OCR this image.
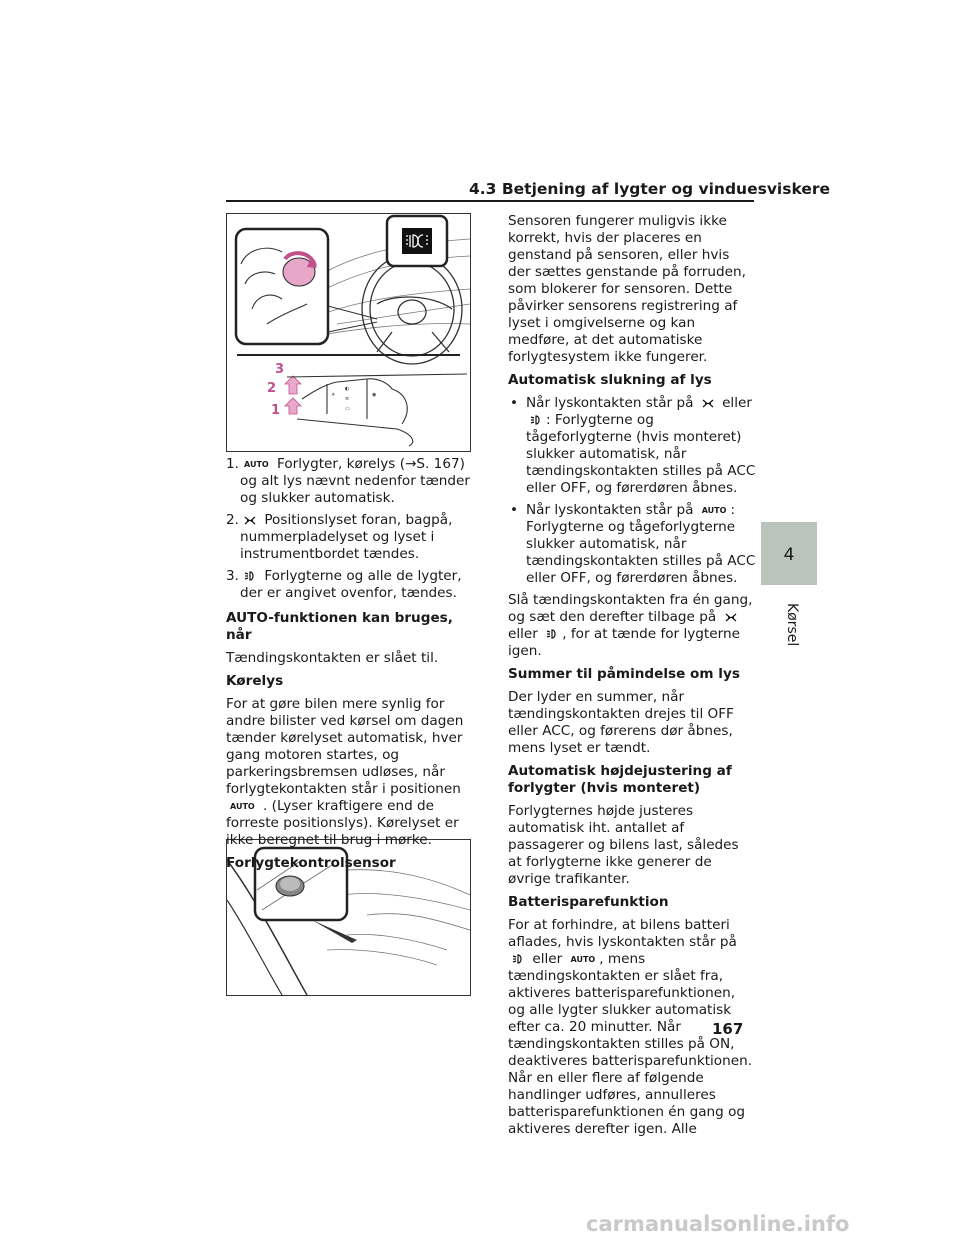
4.3 Betjening af lygter og vinduesviskere
3
2
1
☀
◐
≡
▭
◉
1. AUTO Forlygter, kørelys (→S. 167) og alt lys nævnt nedenfor tænder og slukker automatisk.
2.	Positionslyset foran, bagpå, nummerpladelyset og lyset i instrumentbordet tændes.
3.	Forlygterne og alle de lygter, der er angivet ovenfor, tændes.

AUTO-funktionen kan bruges, når

Tændingskontakten er slået til.

Kørelys

For at gøre bilen mere synlig for andre bilister ved kørsel om dagen tænder kørelyset automatisk, hver gang motoren startes, og parkeringsbremsen udløses, når forlygtekontakten står i positionen AUTO . (Lyser kraftigere end de forreste positionslys). Kørelyset er ikke beregnet til brug i mørke.

Forlygtekontrolsensor

Sensoren fungerer muligvis ikke korrekt, hvis der placeres en genstand på sensoren, eller hvis der sættes genstande på forruden, som blokerer for sensoren. Dette påvirker sensorens registrering af lyset i omgivelserne og kan medføre, at det automatiske forlygtesystem ikke fungerer.

Automatisk slukning af lys

• Når lyskontakten står på eller
: Forlygterne og tågeforlygterne (hvis monteret) slukker automatisk, når tændingskontakten stilles på ACC eller OFF, og førerdøren åbnes.
• Når lyskontakten står på AUTO : Forlygterne og tågeforlygterne slukker automatisk, når tændingskontakten stilles på ACC eller OFF, og førerdøren åbnes.

Slå tændingskontakten fra én gang, og sæt den derefter tilbage på
eller , for at tænde for lygterne igen.

Summer til påmindelse om lys

Der lyder en summer, når tændingskontakten drejes til OFF eller ACC, og førerens dør åbnes, mens lyset er tændt.

Automatisk højdejustering af forlygter (hvis monteret)

Forlygternes højde justeres automatisk iht. antallet af passagerer og bilens last, således at forlygterne ikke generer de øvrige trafikanter.

Batterisparefunktion

For at forhindre, at bilens batteri aflades, hvis lyskontakten står på
eller AUTO , mens tændingskontakten er slået fra, aktiveres batterisparefunktionen, og alle lygter slukker automatisk efter ca. 20 minutter. Når tændingskontakten stilles på ON, deaktiveres batterisparefunktionen. Når en eller flere af følgende handlinger udføres, annulleres batterisparefunktionen én gang og aktiveres derefter igen. Alle

4
Kørsel
167
carmanualsonline.info
